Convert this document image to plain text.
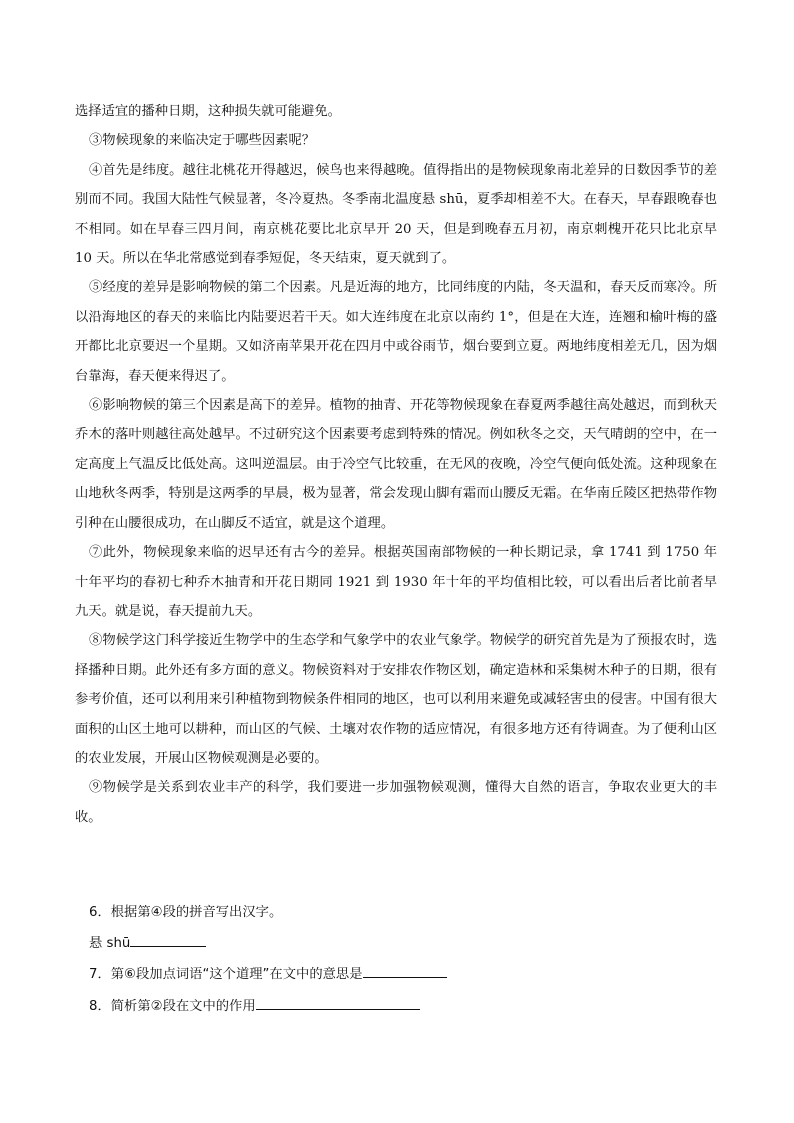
选择适宜的播种日期，这种损失就可能避免。

③物候现象的来临决定于哪些因素呢？

④首先是纬度。越往北桃花开得越迟，候鸟也来得越晚。值得指出的是物候现象南北差异的日数因季节的差别而不同。我国大陆性气候显著，冬冷夏热。冬季南北温度悬 shū，夏季却相差不大。在春天，早春跟晚春也不相同。如在早春三四月间，南京桃花要比北京早开 20 天，但是到晚春五月初，南京刺槐开花只比北京早 10 天。所以在华北常感觉到春季短促，冬天结束，夏天就到了。

⑤经度的差异是影响物候的第二个因素。凡是近海的地方，比同纬度的内陆，冬天温和，春天反而寒冷。所以沿海地区的春天的来临比内陆要迟若干天。如大连纬度在北京以南约 1°，但是在大连，连翘和榆叶梅的盛开都比北京要迟一个星期。又如济南苹果开花在四月中或谷雨节，烟台要到立夏。两地纬度相差无几，因为烟台靠海，春天便来得迟了。

⑥影响物候的第三个因素是高下的差异。植物的抽青、开花等物候现象在春夏两季越往高处越迟，而到秋天乔木的落叶则越往高处越早。不过研究这个因素要考虑到特殊的情况。例如秋冬之交，天气晴朗的空中，在一定高度上气温反比低处高。这叫逆温层。由于冷空气比较重，在无风的夜晚，冷空气便向低处流。这种现象在山地秋冬两季，特别是这两季的早晨，极为显著，常会发现山脚有霜而山腰反无霜。在华南丘陵区把热带作物引种在山腰很成功，在山脚反不适宜，就是这个道理。

⑦此外，物候现象来临的迟早还有古今的差异。根据英国南部物候的一种长期记录，拿 1741 到 1750 年十年平均的春初七种乔木抽青和开花日期同 1921 到 1930 年十年的平均值相比较，可以看出后者比前者早九天。就是说，春天提前九天。

⑧物候学这门科学接近生物学中的生态学和气象学中的农业气象学。物候学的研究首先是为了预报农时，选择播种日期。此外还有多方面的意义。物候资料对于安排农作物区划，确定造林和采集树木种子的日期，很有参考价值，还可以利用来引种植物到物候条件相同的地区，也可以利用来避免或减轻害虫的侵害。中国有很大面积的山区土地可以耕种，而山区的气候、土壤对农作物的适应情况，有很多地方还有待调查。为了便利山区的农业发展，开展山区物候观测是必要的。

⑨物候学是关系到农业丰产的科学，我们要进一步加强物候观测，懂得大自然的语言，争取农业更大的丰收。

6．根据第④段的拼音写出汉字。

悬 shū

7．第⑥段加点词语“这个道理”在文中的意思是

8．简析第②段在文中的作用
